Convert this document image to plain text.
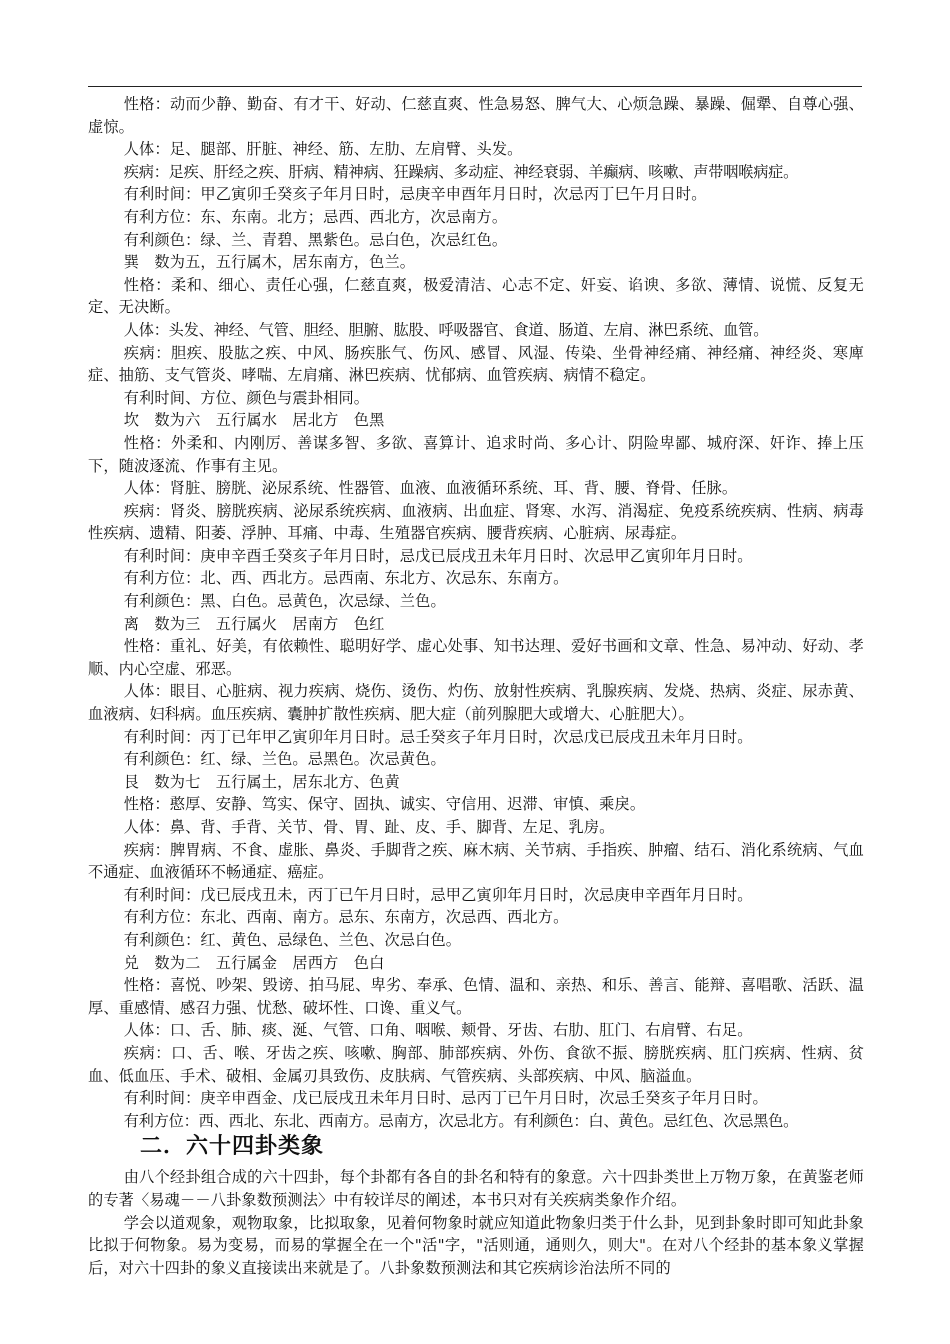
性格：动而少静、勤奋、有才干、好动、仁慈直爽、性急易怒、脾气大、心烦急躁、暴躁、倔犟、自尊心强、虚惊。

人体：足、腿部、肝脏、神经、筋、左肋、左肩臂、头发。

疾病：足疾、肝经之疾、肝病、精神病、狂躁病、多动症、神经衰弱、羊癫病、咳嗽、声带咽喉病症。

有利时间：甲乙寅卯壬癸亥子年月日时，忌庚辛申酉年月日时，次忌丙丁巳午月日时。

有利方位：东、东南。北方；忌西、西北方，次忌南方。

有利颜色：绿、兰、青碧、黑紫色。忌白色，次忌红色。

巽　数为五，五行属木，居东南方，色兰。

性格：柔和、细心、责任心强，仁慈直爽，极爱清洁、心志不定、奸妄、谄谀、多欲、薄情、说慌、反复无定、无决断。

人体：头发、神经、气管、胆经、胆腑、肱股、呼吸器官、食道、肠道、左肩、淋巴系统、血管。

疾病：胆疾、股肱之疾、中风、肠疾胀气、伤风、感冒、风湿、传染、坐骨神经痛、神经痛、神经炎、寒庳症、抽筋、支气管炎、哮喘、左肩痛、淋巴疾病、忧郁病、血管疾病、病情不稳定。

有利时间、方位、颜色与震卦相同。

坎　数为六　五行属水　居北方　色黑

性格：外柔和、内刚厉、善谋多智、多欲、喜算计、追求时尚、多心计、阴险卑鄙、城府深、奸诈、捧上压下，随波逐流、作事有主见。

人体：肾脏、膀胱、泌尿系统、性器管、血液、血液循环系统、耳、背、腰、脊骨、任脉。

疾病：肾炎、膀胱疾病、泌尿系统疾病、血液病、出血症、肾寒、水泻、消渴症、免疫系统疾病、性病、病毒性疾病、遗精、阳萎、浮肿、耳痛、中毒、生殖器官疾病、腰背疾病、心脏病、尿毒症。

有利时间：庚申辛酉壬癸亥子年月日时，忌戊已辰戌丑未年月日时、次忌甲乙寅卯年月日时。

有利方位：北、西、西北方。忌西南、东北方、次忌东、东南方。

有利颜色：黑、白色。忌黄色，次忌绿、兰色。

离　数为三　五行属火　居南方　色红

性格：重礼、好美，有依赖性、聪明好学、虚心处事、知书达理、爱好书画和文章、性急、易冲动、好动、孝顺、内心空虚、邪恶。

人体：眼目、心脏病、视力疾病、烧伤、烫伤、灼伤、放射性疾病、乳腺疾病、发烧、热病、炎症、尿赤黄、血液病、妇科病。血压疾病、囊肿扩散性疾病、肥大症（前列腺肥大或增大、心脏肥大）。

有利时间：丙丁已年甲乙寅卯年月日时。忌壬癸亥子年月日时，次忌戊已辰戌丑未年月日时。

有利颜色：红、绿、兰色。忌黑色。次忌黄色。

艮　数为七　五行属土，居东北方、色黄

性格：憨厚、安静、笃实、保守、固执、诚实、守信用、迟滞、审慎、乘戾。

人体：鼻、背、手背、关节、骨、胃、趾、皮、手、脚背、左足、乳房。

疾病：脾胃病、不食、虚胀、鼻炎、手脚背之疾、麻木病、关节病、手指疾、肿瘤、结石、消化系统病、气血不通症、血液循环不畅通症、癌症。

有利时间：戊已辰戌丑未，丙丁已午月日时，忌甲乙寅卯年月日时，次忌庚申辛酉年月日时。

有利方位：东北、西南、南方。忌东、东南方，次忌西、西北方。

有利颜色：红、黄色、忌绿色、兰色、次忌白色。

兑　数为二　五行属金　居西方　色白

性格：喜悦、吵架、毁谤、拍马屁、卑劣、奉承、色情、温和、亲热、和乐、善言、能辩、喜唱歌、活跃、温厚、重感情、感召力强、忧愁、破坏性、口谗、重义气。

人体：口、舌、肺、痰、涎、气管、口角、咽喉、颊骨、牙齿、右肋、肛门、右肩臂、右足。

疾病：口、舌、喉、牙齿之疾、咳嗽、胸部、肺部疾病、外伤、食欲不振、膀胱疾病、肛门疾病、性病、贫血、低血压、手术、破相、金属刃具致伤、皮肤病、气管疾病、头部疾病、中风、脑溢血。

有利时间：庚辛申酉金、戊已辰戌丑未年月日时、忌丙丁已午月日时，次忌壬癸亥子年月日时。

有利方位：西、西北、东北、西南方。忌南方，次忌北方。有利颜色：白、黄色。忌红色、次忌黑色。

二．六十四卦类象

由八个经卦组合成的六十四卦，每个卦都有各自的卦名和特有的象意。六十四卦类世上万物万象，在黄鉴老师的专著〈易魂－－八卦象数预测法〉中有较详尽的阐述，本书只对有关疾病类象作介绍。

学会以道观象，观物取象，比拟取象，见着何物象时就应知道此物象归类于什么卦，见到卦象时即可知此卦象比拟于何物象。易为变易，而易的掌握全在一个"活"字，"活则通，通则久，则大"。在对八个经卦的基本象义掌握后，对六十四卦的象义直接读出来就是了。八卦象数预测法和其它疾病诊治法所不同的
